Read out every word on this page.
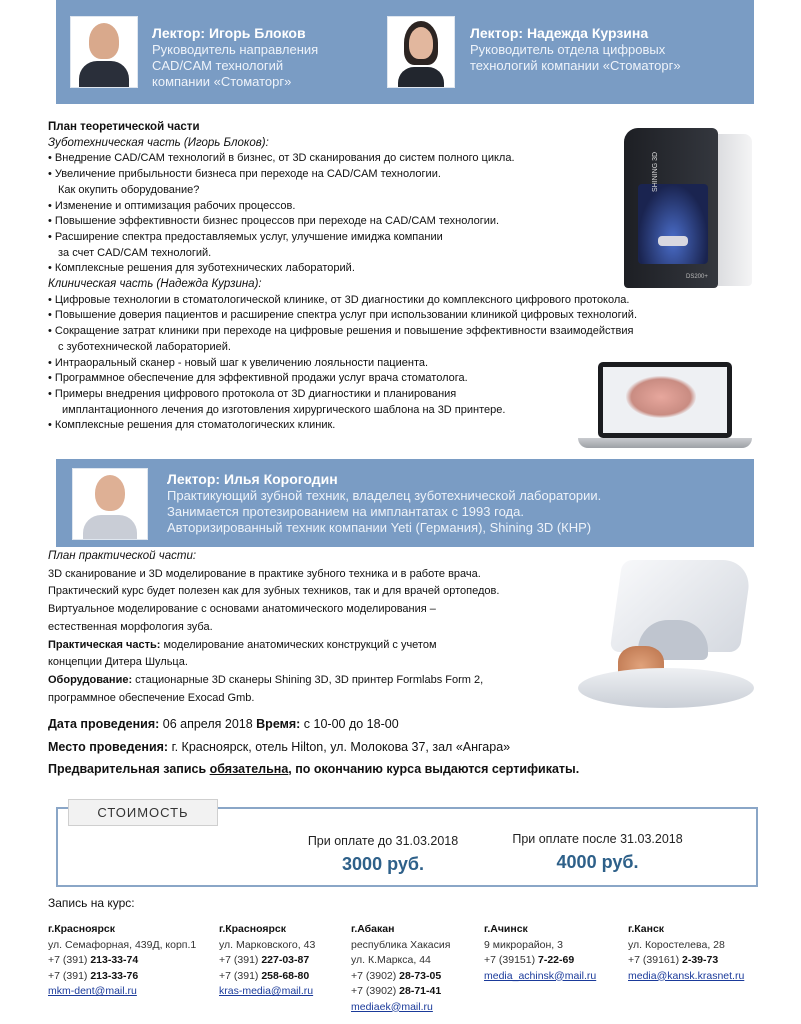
Лектор: Игорь Блоков
Руководитель направления
CAD/CAM технологий
компании «Стоматорг»
Лектор: Надежда Курзина
Руководитель отдела цифровых
технологий компании «Стоматорг»
SHINING 3D
DS200+
План теоретической части
Зуботехническая часть (Игорь Блоков):
• Внедрение CAD/CAM технологий в бизнес, от 3D сканирования до систем полного цикла.
• Увеличение прибыльности бизнеса при переходе на CAD/CAM технологии.
Как окупить оборудование?
• Изменение и оптимизация рабочих процессов.
• Повышение эффективности бизнес процессов при переходе на CAD/CAM технологии.
• Расширение спектра предоставляемых услуг, улучшение имиджа компании
за счет CAD/CAM технологий.
• Комплексные решения для зуботехнических лабораторий.
Клиническая часть (Надежда Курзина):
• Цифровые технологии в стоматологической клинике, от 3D диагностики до комплексного цифрового протокола.
• Повышение доверия пациентов и расширение спектра услуг при использовании клиникой цифровых технологий.
• Сокращение затрат клиники при переходе на цифровые решения и повышение эффективности взаимодействия
с зуботехнической лабораторией.
• Интраоральный сканер - новый шаг к увеличению лояльности пациента.
• Программное обеспечение для эффективной продажи услуг врача стоматолога.
• Примеры внедрения цифрового протокола от 3D диагностики и планирования
имплантационного лечения до изготовления хирургического шаблона на 3D принтере.
• Комплексные решения для стоматологических клиник.
Лектор: Илья Корогодин
Практикующий зубной техник, владелец зуботехнической лаборатории.
Занимается протезированием на имплантатах с 1993 года.
Авторизированный техник компании Yeti (Германия), Shining 3D (КНР)
План практической части:
3D сканирование и 3D моделирование в практике зубного техника и в работе врача.
Практический курс будет полезен как для зубных техников, так и для врачей ортопедов.
Виртуальное моделирование с основами анатомического моделирования –
естественная морфология зуба.
Практическая часть: моделирование анатомических конструкций с учетом
концепции Дитера Шульца.
Оборудование: стационарные 3D сканеры Shining 3D, 3D принтер Formlabs Form 2,
программное обеспечение Exocad Gmb.
Дата проведения: 06 апреля 2018 Время: с 10-00 до 18-00
Место проведения: г. Красноярск, отель Hilton, ул. Молокова 37, зал «Ангара»
Предварительная запись обязательна, по окончанию курса выдаются сертификаты.
СТОИМОСТЬ
При оплате до 31.03.2018
3000 руб.
При оплате после 31.03.2018
4000 руб.
Запись на курс:
г.Красноярск
ул. Семафорная, 439Д, корп.1
+7 (391) 213-33-74
+7 (391) 213-33-76
mkm-dent@mail.ru
г.Красноярск
ул. Марковского, 43
+7 (391) 227-03-87
+7 (391) 258-68-80
kras-media@mail.ru
г.Абакан
республика Хакасия
ул. К.Маркса, 44
+7 (3902) 28-73-05
+7 (3902) 28-71-41
mediaek@mail.ru
г.Ачинск
9 микрорайон, 3
+7 (39151) 7-22-69
media_achinsk@mail.ru
г.Канск
ул. Коростелева, 28
+7 (39161) 2-39-73
media@kansk.krasnet.ru
